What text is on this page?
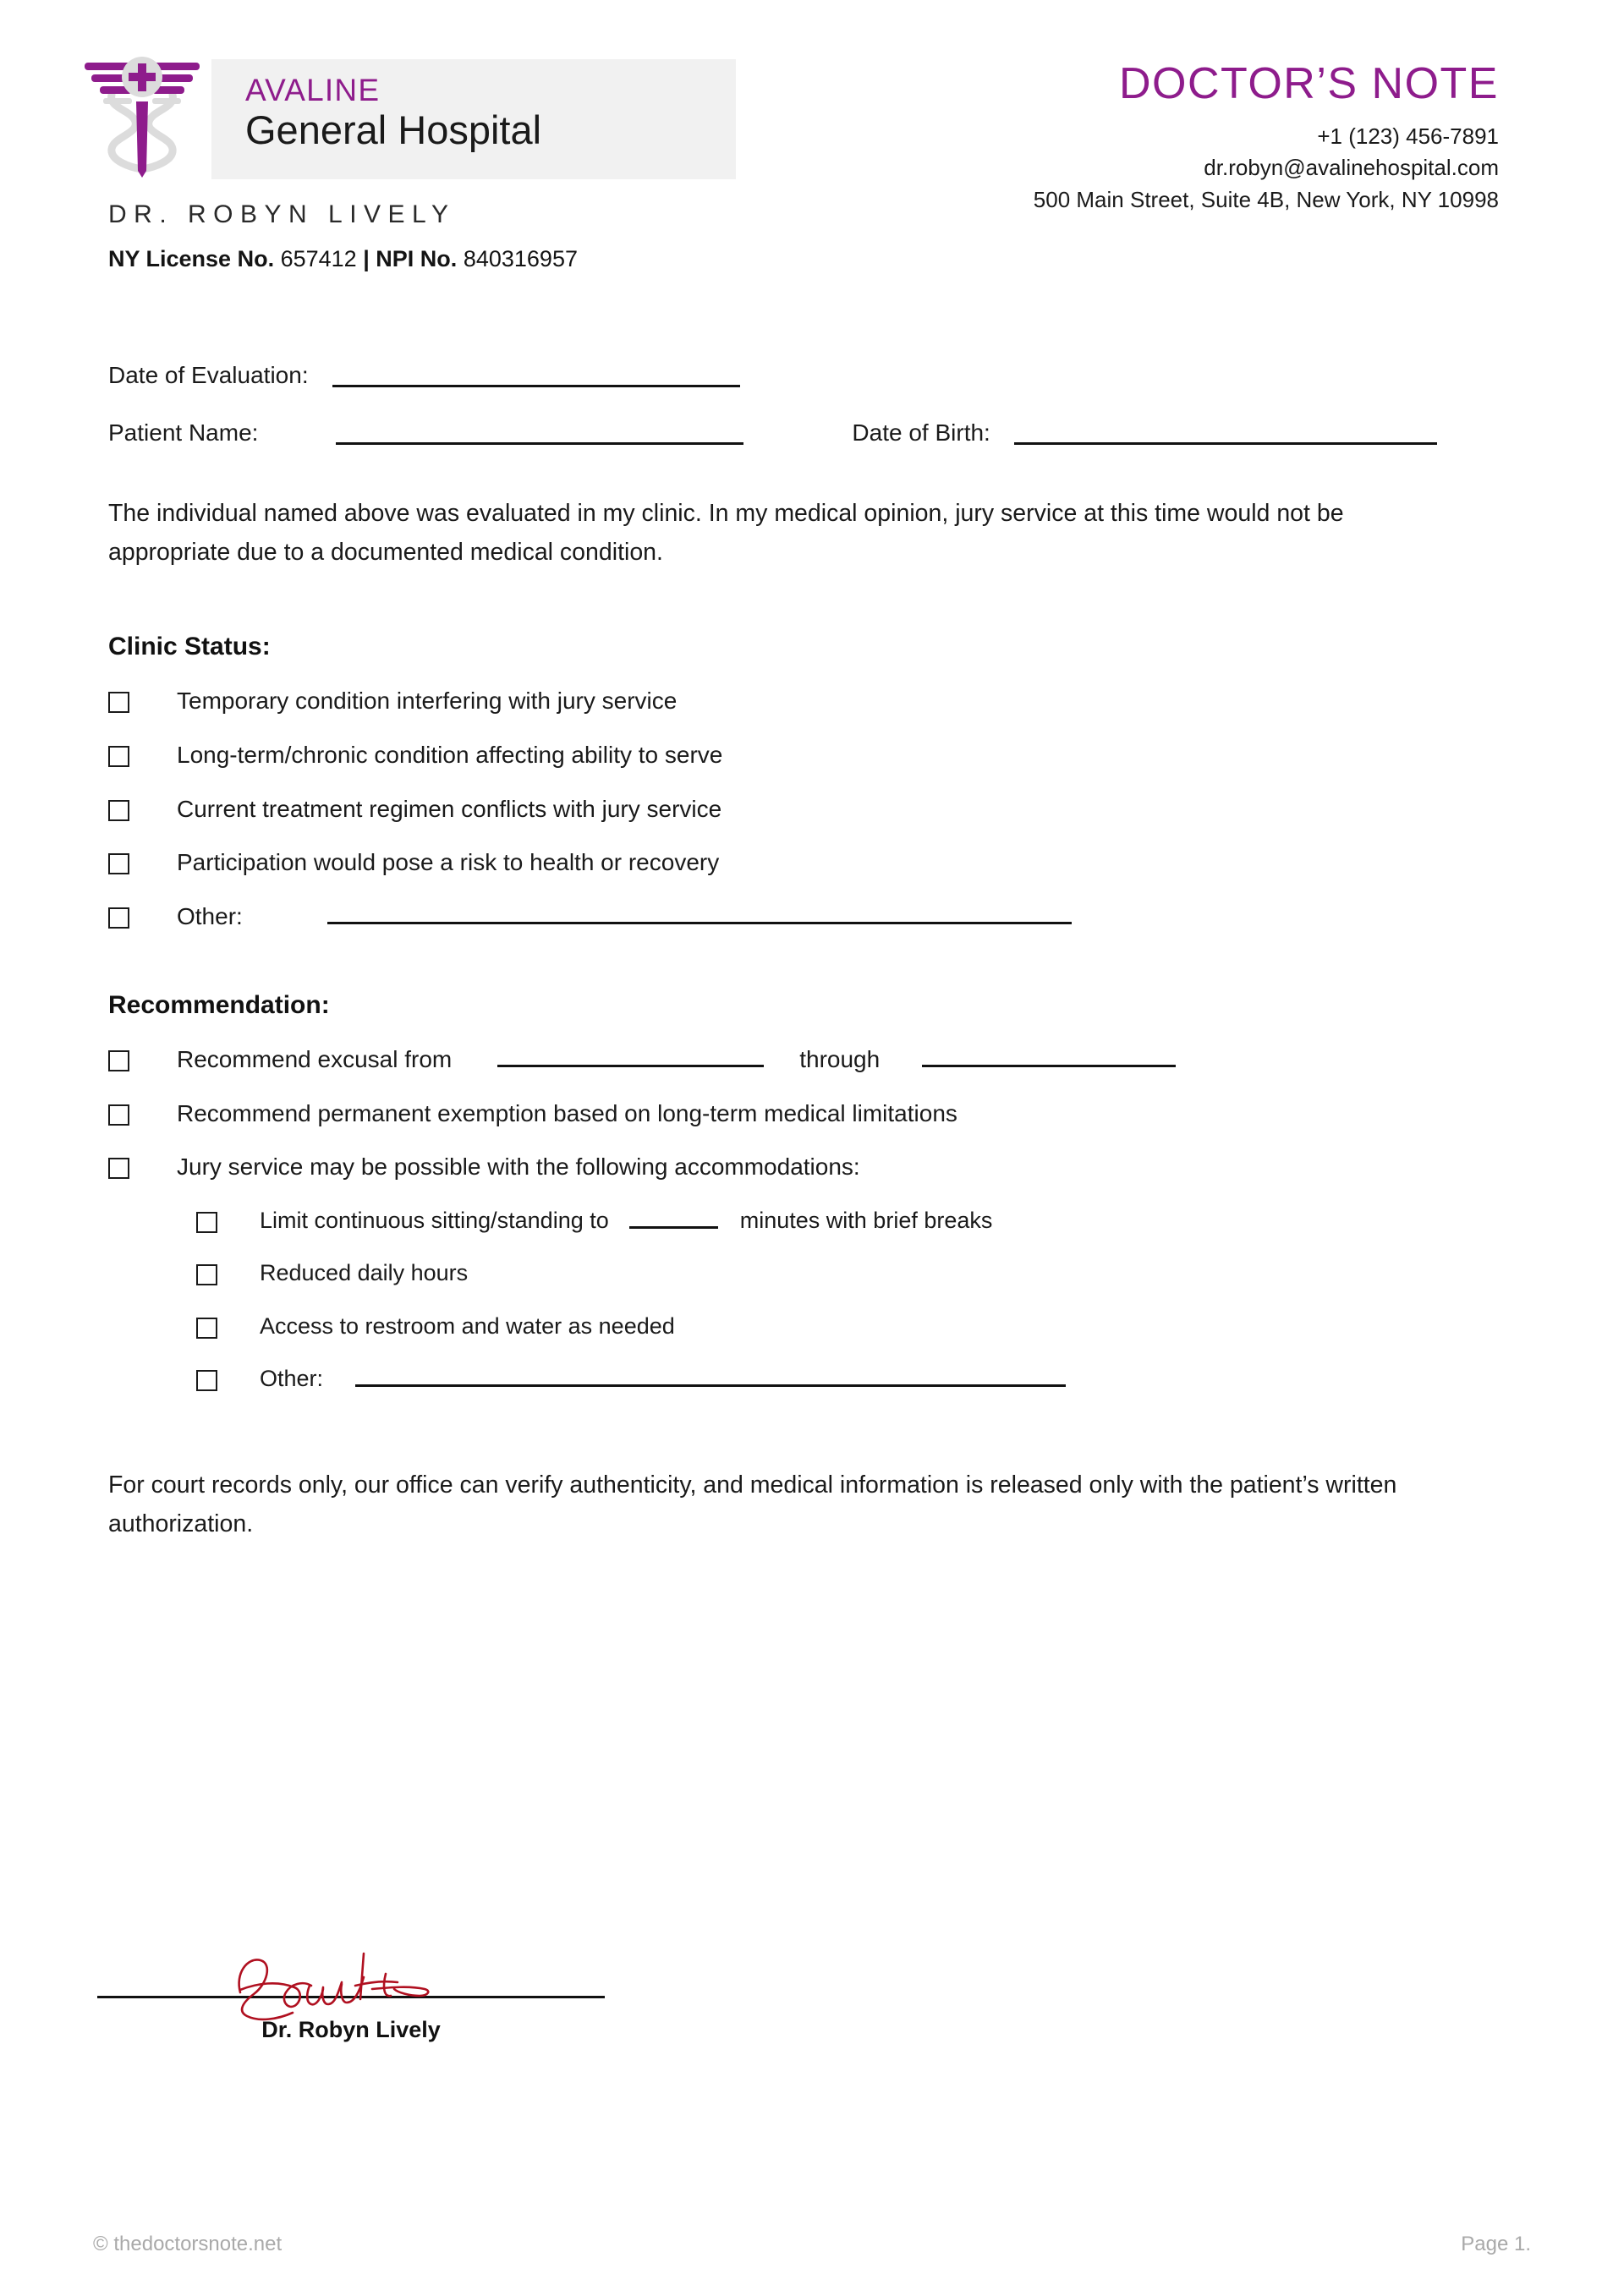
AVALINE
General Hospital
DR. ROBYN LIVELY
NY License No. 657412 | NPI No. 840316957
DOCTOR’S NOTE
+1 (123) 456-7891
dr.robyn@avalinehospital.com
500 Main Street, Suite 4B, New York, NY 10998
Date of Evaluation:
Patient Name:	Date of Birth:

The individual named above was evaluated in my clinic. In my medical opinion, jury service at this time would not be appropriate due to a documented medical condition.

Clinic Status:
Temporary condition interfering with jury service
Long-term/chronic condition affecting ability to serve
Current treatment regimen conflicts with jury service
Participation would pose a risk to health or recovery
Other:
Recommendation:
Recommend excusal from	through
Recommend permanent exemption based on long-term medical limitations
Jury service may be possible with the following accommodations:
Limit continuous sitting/standing to	minutes with brief breaks
Reduced daily hours
Access to restroom and water as needed
Other:

For court records only, our office can verify authenticity, and medical information is released only with the patient’s written authorization.

Dr. Robyn Lively
© thedoctorsnote.net	Page 1.
